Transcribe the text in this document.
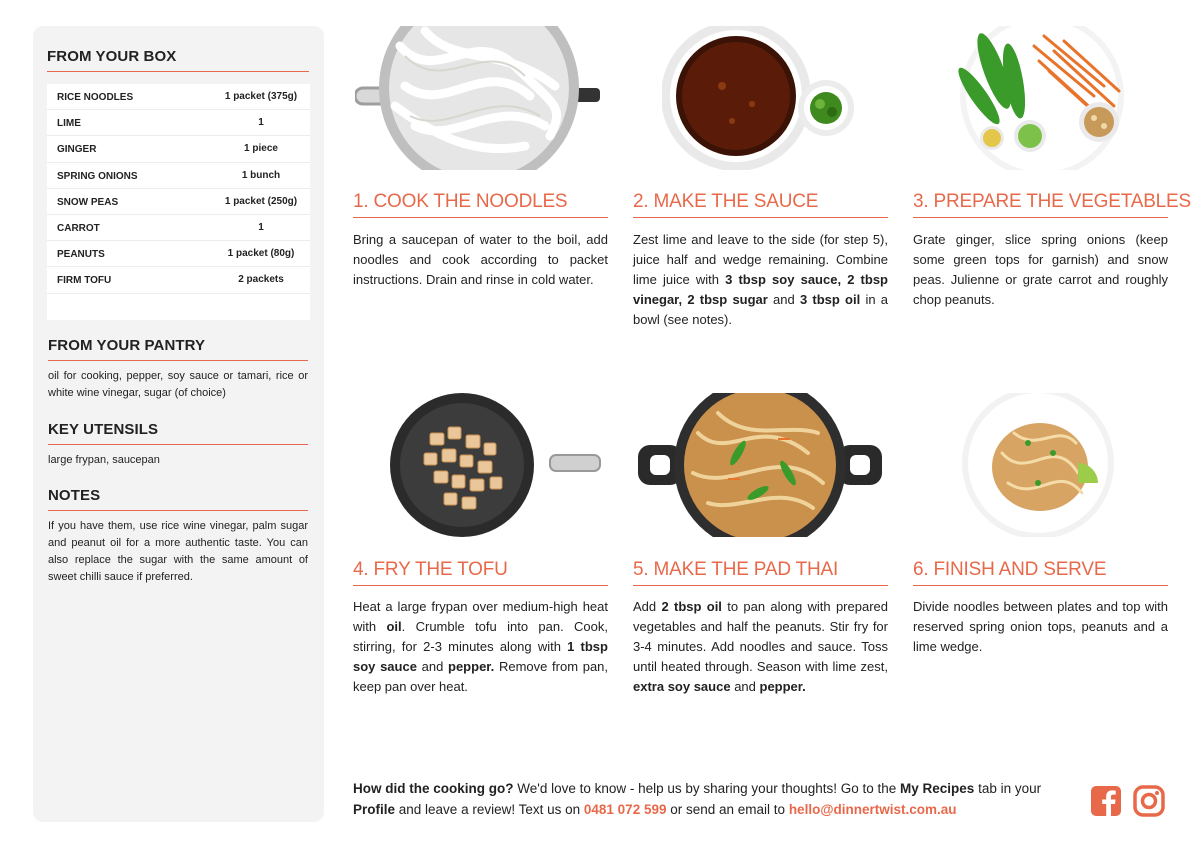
FROM YOUR BOX
RICE NOODLES	1 packet (375g)
LIME	1
GINGER	1 piece
SPRING ONIONS	1 bunch
SNOW PEAS	1 packet (250g)
CARROT	1
PEANUTS	1 packet (80g)
FIRM TOFU	2 packets
FROM YOUR PANTRY
oil for cooking, pepper, soy sauce or tamari, rice or white wine vinegar, sugar (of choice)
KEY UTENSILS
large frypan, saucepan
NOTES
If you have them, use rice wine vinegar, palm sugar and peanut oil for a more authentic taste. You can also replace the sugar with the same amount of sweet chilli sauce if preferred.
1. COOK THE NOODLES
Bring a saucepan of water to the boil, add noodles and cook according to packet instructions. Drain and rinse in cold water.
2. MAKE THE SAUCE
Zest lime and leave to the side (for step 5), juice half and wedge remaining. Combine lime juice with 3 tbsp soy sauce, 2 tbsp vinegar, 2 tbsp sugar and 3 tbsp oil in a bowl (see notes).
3. PREPARE THE VEGETABLES
Grate ginger, slice spring onions (keep some green tops for garnish) and snow peas. Julienne or grate carrot and roughly chop peanuts.
4. FRY THE TOFU
Heat a large frypan over medium-high heat with oil. Crumble tofu into pan. Cook, stirring, for 2-3 minutes along with 1 tbsp soy sauce and pepper. Remove from pan, keep pan over heat.
5. MAKE THE PAD THAI
Add 2 tbsp oil to pan along with prepared vegetables and half the peanuts. Stir fry for 3-4 minutes. Add noodles and sauce. Toss until heated through. Season with lime zest, extra soy sauce and pepper.
6. FINISH AND SERVE
Divide noodles between plates and top with reserved spring onion tops, peanuts and a lime wedge.
How did the cooking go? We'd love to know - help us by sharing your thoughts! Go to the My Recipes tab in your Profile and leave a review! Text us on 0481 072 599 or send an email to hello@dinnertwist.com.au
